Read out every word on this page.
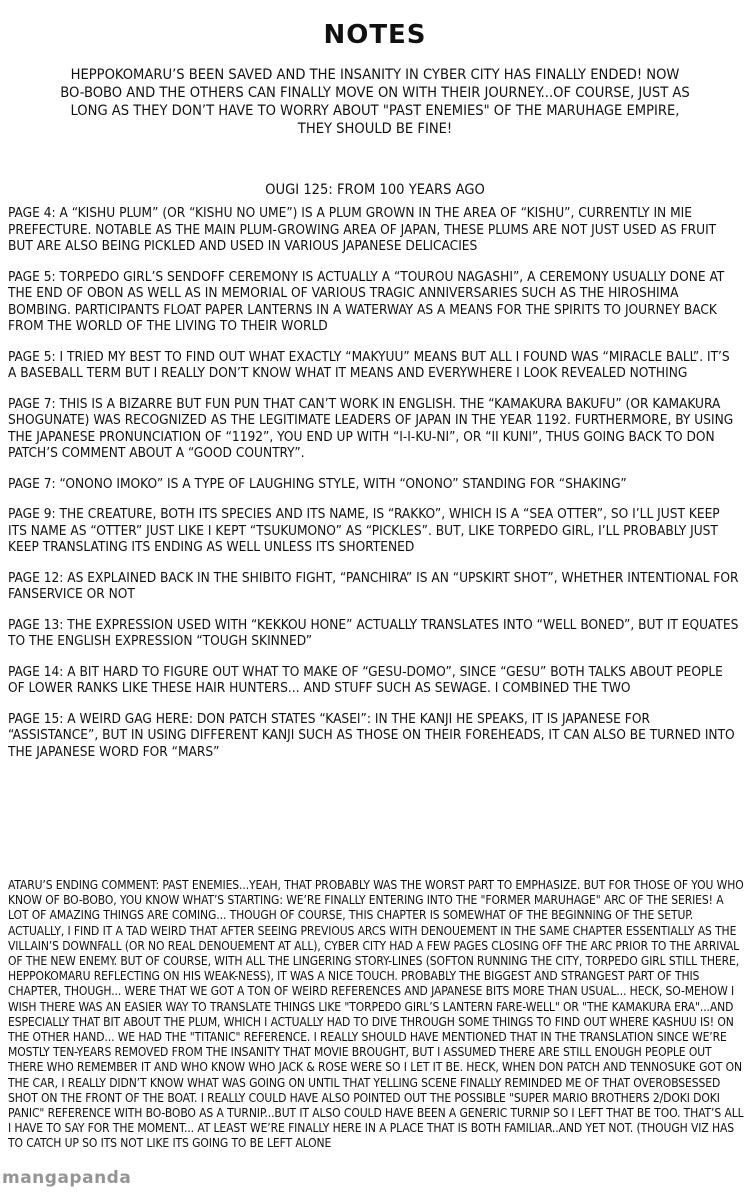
NOTES
HEPPOKOMARU’S BEEN SAVED AND THE INSANITY IN CYBER CITY HAS FINALLY ENDED! NOW BO-BOBO AND THE OTHERS CAN FINALLY MOVE ON WITH THEIR JOURNEY...OF COURSE, JUST AS LONG AS THEY DON’T HAVE TO WORRY ABOUT "PAST ENEMIES" OF THE MARUHAGE EMPIRE, THEY SHOULD BE FINE!
OUGI 125: FROM 100 YEARS AGO
PAGE 4: A “KISHU PLUM” (OR “KISHU NO UME”) IS A PLUM GROWN IN THE AREA OF “KISHU”, CURRENTLY IN MIE PREFECTURE. NOTABLE AS THE MAIN PLUM-GROWING AREA OF JAPAN, THESE PLUMS ARE NOT JUST USED AS FRUIT BUT ARE ALSO BEING PICKLED AND USED IN VARIOUS JAPANESE DELICACIES
PAGE 5: TORPEDO GIRL’S SENDOFF CEREMONY IS ACTUALLY A “TOUROU NAGASHI”, A CEREMONY USUALLY DONE AT THE END OF OBON AS WELL AS IN MEMORIAL OF VARIOUS TRAGIC ANNIVERSARIES SUCH AS THE HIROSHIMA BOMBING. PARTICIPANTS FLOAT PAPER LANTERNS IN A WATERWAY AS A MEANS FOR THE SPIRITS TO JOURNEY BACK FROM THE WORLD OF THE LIVING TO THEIR WORLD
PAGE 5: I TRIED MY BEST TO FIND OUT WHAT EXACTLY “MAKYUU” MEANS BUT ALL I FOUND WAS “MIRACLE BALL”. IT’S A BASEBALL TERM BUT I REALLY DON’T KNOW WHAT IT MEANS AND EVERYWHERE I LOOK REVEALED NOTHING
PAGE 7: THIS IS A BIZARRE BUT FUN PUN THAT CAN’T WORK IN ENGLISH. THE “KAMAKURA BAKUFU” (OR KAMAKURA SHOGUNATE) WAS RECOGNIZED AS THE LEGITIMATE LEADERS OF JAPAN IN THE YEAR 1192. FURTHERMORE, BY USING THE JAPANESE PRONUNCIATION OF “1192”, YOU END UP WITH “I-I-KU-NI”, OR “II KUNI”, THUS GOING BACK TO DON PATCH’S COMMENT ABOUT A “GOOD COUNTRY”.
PAGE 7: “ONONO IMOKO” IS A TYPE OF LAUGHING STYLE, WITH “ONONO” STANDING FOR “SHAKING”
PAGE 9: THE CREATURE, BOTH ITS SPECIES AND ITS NAME, IS “RAKKO”, WHICH IS A “SEA OTTER”, SO I’LL JUST KEEP ITS NAME AS “OTTER” JUST LIKE I KEPT “TSUKUMONO” AS “PICKLES”. BUT, LIKE TORPEDO GIRL, I’LL PROBABLY JUST KEEP TRANSLATING ITS ENDING AS WELL UNLESS ITS SHORTENED
PAGE 12: AS EXPLAINED BACK IN THE SHIBITO FIGHT, “PANCHIRA” IS AN “UPSKIRT SHOT”, WHETHER INTENTIONAL FOR FANSERVICE OR NOT
PAGE 13: THE EXPRESSION USED WITH “KEKKOU HONE” ACTUALLY TRANSLATES INTO “WELL BONED”, BUT IT EQUATES TO THE ENGLISH EXPRESSION “TOUGH SKINNED”
PAGE 14: A BIT HARD TO FIGURE OUT WHAT TO MAKE OF “GESU-DOMO”, SINCE “GESU” BOTH TALKS ABOUT PEOPLE OF LOWER RANKS LIKE THESE HAIR HUNTERS... AND STUFF SUCH AS SEWAGE. I COMBINED THE TWO
PAGE 15: A WEIRD GAG HERE: DON PATCH STATES “KASEI”: IN THE KANJI HE SPEAKS, IT IS JAPANESE FOR “ASSISTANCE”, BUT IN USING DIFFERENT KANJI SUCH AS THOSE ON THEIR FOREHEADS, IT CAN ALSO BE TURNED INTO THE JAPANESE WORD FOR “MARS”
ATARU’S ENDING COMMENT: PAST ENEMIES...YEAH, THAT PROBABLY WAS THE WORST PART TO EMPHASIZE. BUT FOR THOSE OF YOU WHO KNOW OF BO-BOBO, YOU KNOW WHAT’S STARTING: WE’RE FINALLY ENTERING INTO THE "FORMER MARUHAGE" ARC OF THE SERIES! A LOT OF AMAZING THINGS ARE COMING... THOUGH OF COURSE, THIS CHAPTER IS SOMEWHAT OF THE BEGINNING OF THE SETUP. ACTUALLY, I FIND IT A TAD WEIRD THAT AFTER SEEING PREVIOUS ARCS WITH DENOUEMENT IN THE SAME CHAPTER ESSENTIALLY AS THE VILLAIN’S DOWNFALL (OR NO REAL DENOUEMENT AT ALL), CYBER CITY HAD A FEW PAGES CLOSING OFF THE ARC PRIOR TO THE ARRIVAL OF THE NEW ENEMY. BUT OF COURSE, WITH ALL THE LINGERING STORY-LINES (SOFTON RUNNING THE CITY, TORPEDO GIRL STILL THERE, HEPPOKOMARU REFLECTING ON HIS WEAK-NESS), IT WAS A NICE TOUCH. PROBABLY THE BIGGEST AND STRANGEST PART OF THIS CHAPTER, THOUGH... WERE THAT WE GOT A TON OF WEIRD REFERENCES AND JAPANESE BITS MORE THAN USUAL... HECK, SO-MEHOW I WISH THERE WAS AN EASIER WAY TO TRANSLATE THINGS LIKE "TORPEDO GIRL’S LANTERN FARE-WELL" OR "THE KAMAKURA ERA"...AND ESPECIALLY THAT BIT ABOUT THE PLUM, WHICH I ACTUALLY HAD TO DIVE THROUGH SOME THINGS TO FIND OUT WHERE KASHUU IS! ON THE OTHER HAND... WE HAD THE "TITANIC" REFERENCE. I REALLY SHOULD HAVE MENTIONED THAT IN THE TRANSLATION SINCE WE’RE MOSTLY TEN-YEARS REMOVED FROM THE INSANITY THAT MOVIE BROUGHT, BUT I ASSUMED THERE ARE STILL ENOUGH PEOPLE OUT THERE WHO REMEMBER IT AND WHO KNOW WHO JACK & ROSE WERE SO I LET IT BE. HECK, WHEN DON PATCH AND TENNOSUKE GOT ON THE CAR, I REALLY DIDN’T KNOW WHAT WAS GOING ON UNTIL THAT YELLING SCENE FINALLY REMINDED ME OF THAT OVEROBSESSED SHOT ON THE FRONT OF THE BOAT. I REALLY COULD HAVE ALSO POINTED OUT THE POSSIBLE "SUPER MARIO BROTHERS 2/DOKI DOKI PANIC" REFERENCE WITH BO-BOBO AS A TURNIP...BUT IT ALSO COULD HAVE BEEN A GENERIC TURNIP SO I LEFT THAT BE TOO. THAT’S ALL I HAVE TO SAY FOR THE MOMENT... AT LEAST WE’RE FINALLY HERE IN A PLACE THAT IS BOTH FAMILIAR..AND YET NOT. (THOUGH VIZ HAS TO CATCH UP SO ITS NOT LIKE ITS GOING TO BE LEFT ALONE
mangapanda
